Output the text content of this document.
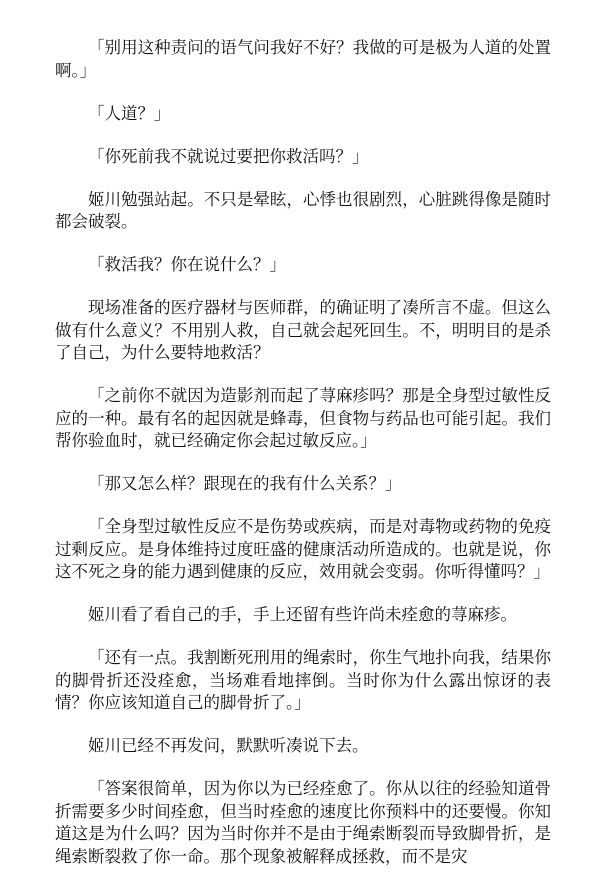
「别用这种责问的语气问我好不好？我做的可是极为人道的处置啊。」

「人道？」

「你死前我不就说过要把你救活吗？」

姬川勉强站起。不只是晕眩，心悸也很剧烈，心脏跳得像是随时都会破裂。

「救活我？你在说什么？」

现场准备的医疗器材与医师群，的确证明了凑所言不虚。但这么做有什么意义？不用别人救，自己就会起死回生。不，明明目的是杀了自己，为什么要特地救活？

「之前你不就因为造影剂而起了荨麻疹吗？那是全身型过敏性反应的一种。最有名的起因就是蜂毒，但食物与药品也可能引起。我们帮你验血时，就已经确定你会起过敏反应。」

「那又怎么样？跟现在的我有什么关系？」

「全身型过敏性反应不是伤势或疾病，而是对毒物或药物的免疫过剩反应。是身体维持过度旺盛的健康活动所造成的。也就是说，你这不死之身的能力遇到健康的反应，效用就会变弱。你听得懂吗？」

姬川看了看自己的手，手上还留有些许尚未痊愈的荨麻疹。

「还有一点。我割断死刑用的绳索时，你生气地扑向我，结果你的脚骨折还没痊愈，当场难看地摔倒。当时你为什么露出惊讶的表情？你应该知道自己的脚骨折了。」

姬川已经不再发问，默默听凑说下去。

「答案很简单，因为你以为已经痊愈了。你从以往的经验知道骨折需要多少时间痊愈，但当时痊愈的速度比你预料中的还要慢。你知道这是为什么吗？因为当时你并不是由于绳索断裂而导致脚骨折，是绳索断裂救了你一命。那个现象被解释成拯救，而不是灾
